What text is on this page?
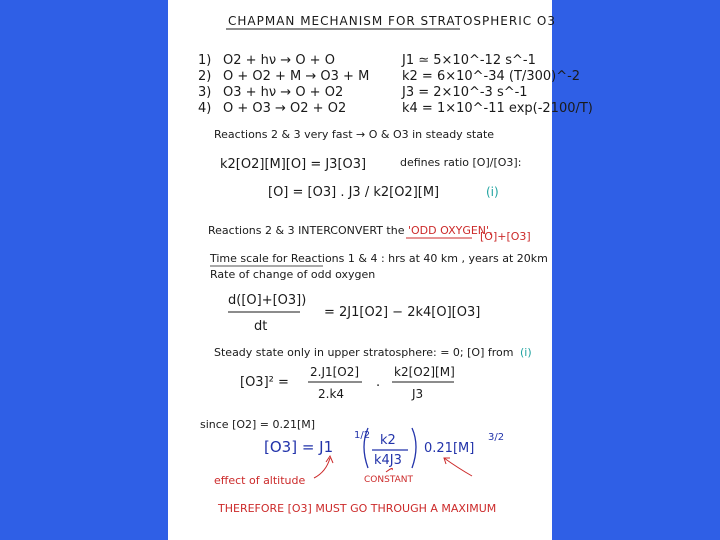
CHAPMAN MECHANISM FOR STRATOSPHERIC O3
1) O2 + hν → O + O	J1 ≃ 5×10^-12 s^-1
2) O + O2 + M → O3 + M	k2 = 6×10^-34 (T/300)^-2
3) O3 + hν → O + O2	J3 = 2×10^-3 s^-1
4) O + O3 → O2 + O2	k4 = 1×10^-11 exp(-2100/T)
Reactions 2 & 3 very fast → O & O3 in steady state
k2[O2][M][O] = J3[O3]	defines ratio [O]/[O3]:
[O] = [O3] . J3 / k2[O2][M]	(i)
Reactions 2 & 3 INTERCONVERT the 'ODD OXYGEN',
[O]+[O3]
Time scale for Reactions 1 & 4 : hrs at 40 km , years at 20km
Rate of change of odd oxygen
d([O]+[O3])
dt
= 2J1[O2] − 2k4[O][O3]
Steady state only in upper stratosphere: = 0; [O] from (i)
[O3]² =
2.J1[O2]
2.k4
.
k2[O2][M]
J3
since [O2] = 0.21[M]
[O3] = J1
1/2 k2
k4J3
0.21[M]
3/2
effect of altitude	CONSTANT
THEREFORE [O3] MUST GO THROUGH A MAXIMUM
